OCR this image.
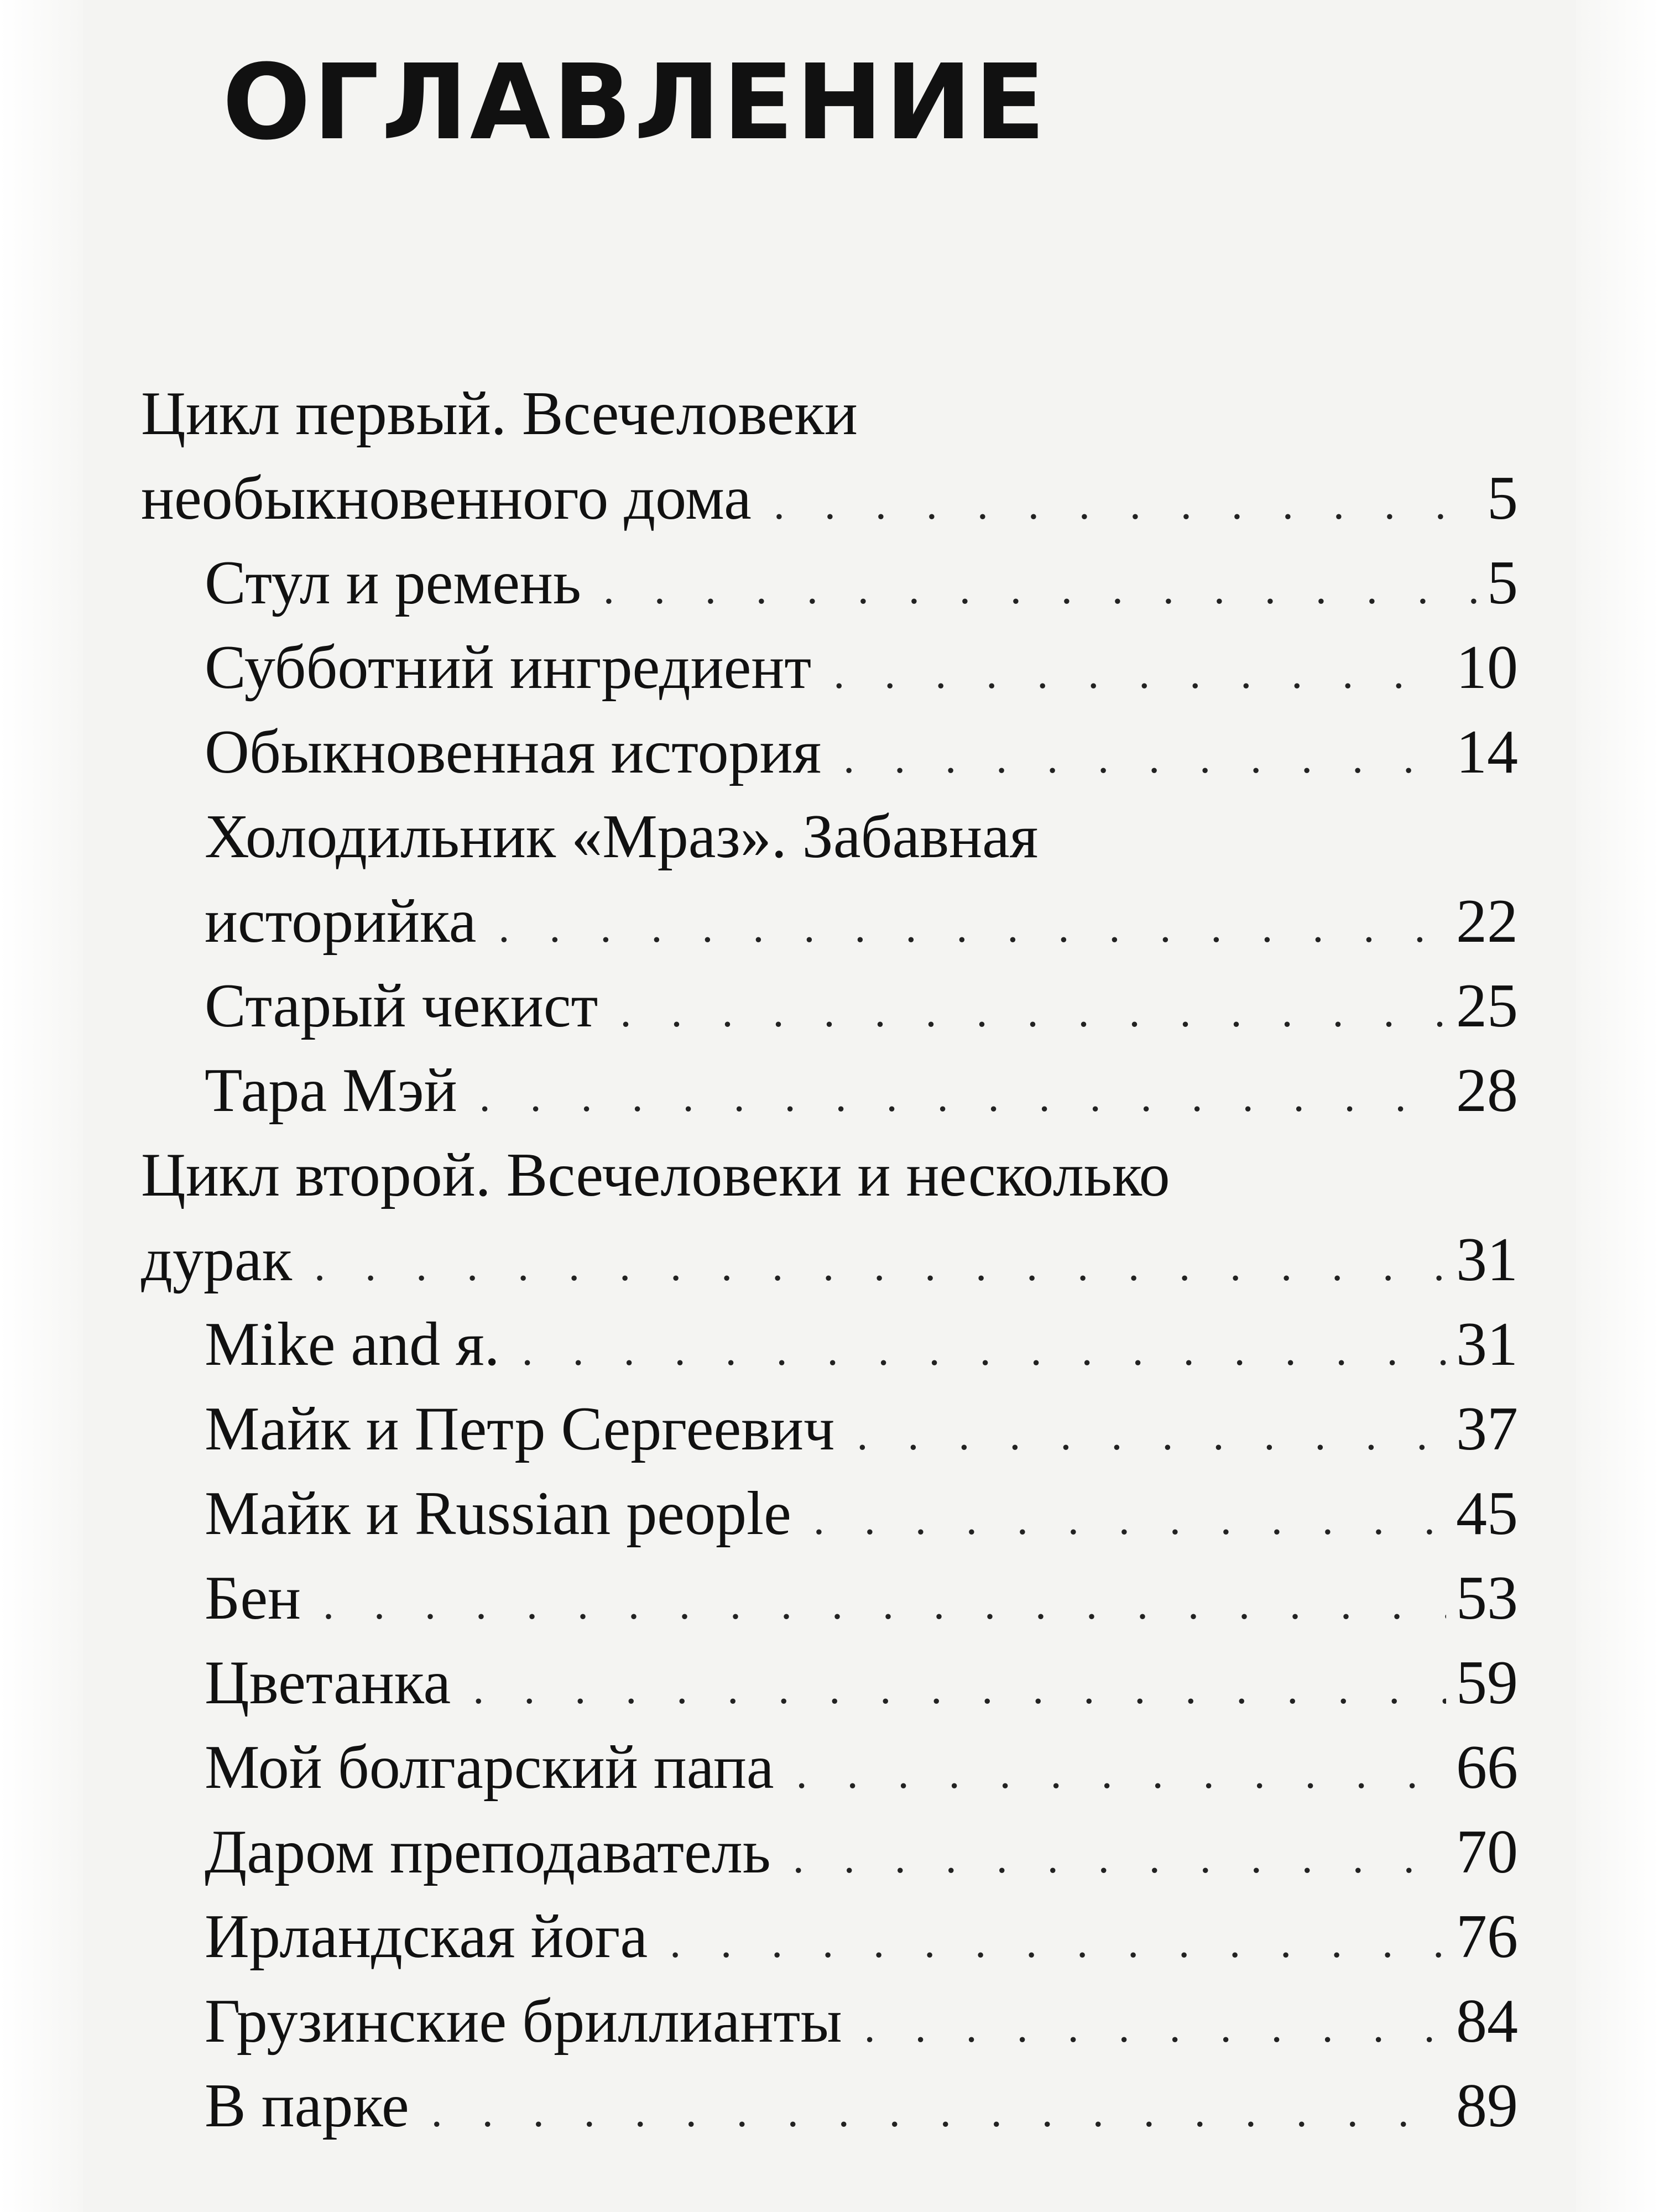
ОГЛАВЛЕНИЕ
Цикл первый. Всечеловеки
необыкновенного дома . . .	5
Стул и ремень . . .	5
Субботний ингредиент . . .	10
Обыкновенная история . . .	14
Холодильник «Мраз». Забавная
историйка . . .	22
Старый чекист . . .	25
Тара Мэй . . .	28
Цикл второй. Всечеловеки и несколько
дурак . . .	31
Mike and я. . . .	31
Майк и Петр Сергеевич . . .	37
Майк и Russian people . . .	45
Бен . . .	53
Цветанка . . .	59
Мой болгарский папа . . .	66
Даром преподаватель . . .	70
Ирландская йога . . .	76
Грузинские бриллианты . . .	84
В парке . . .	89
